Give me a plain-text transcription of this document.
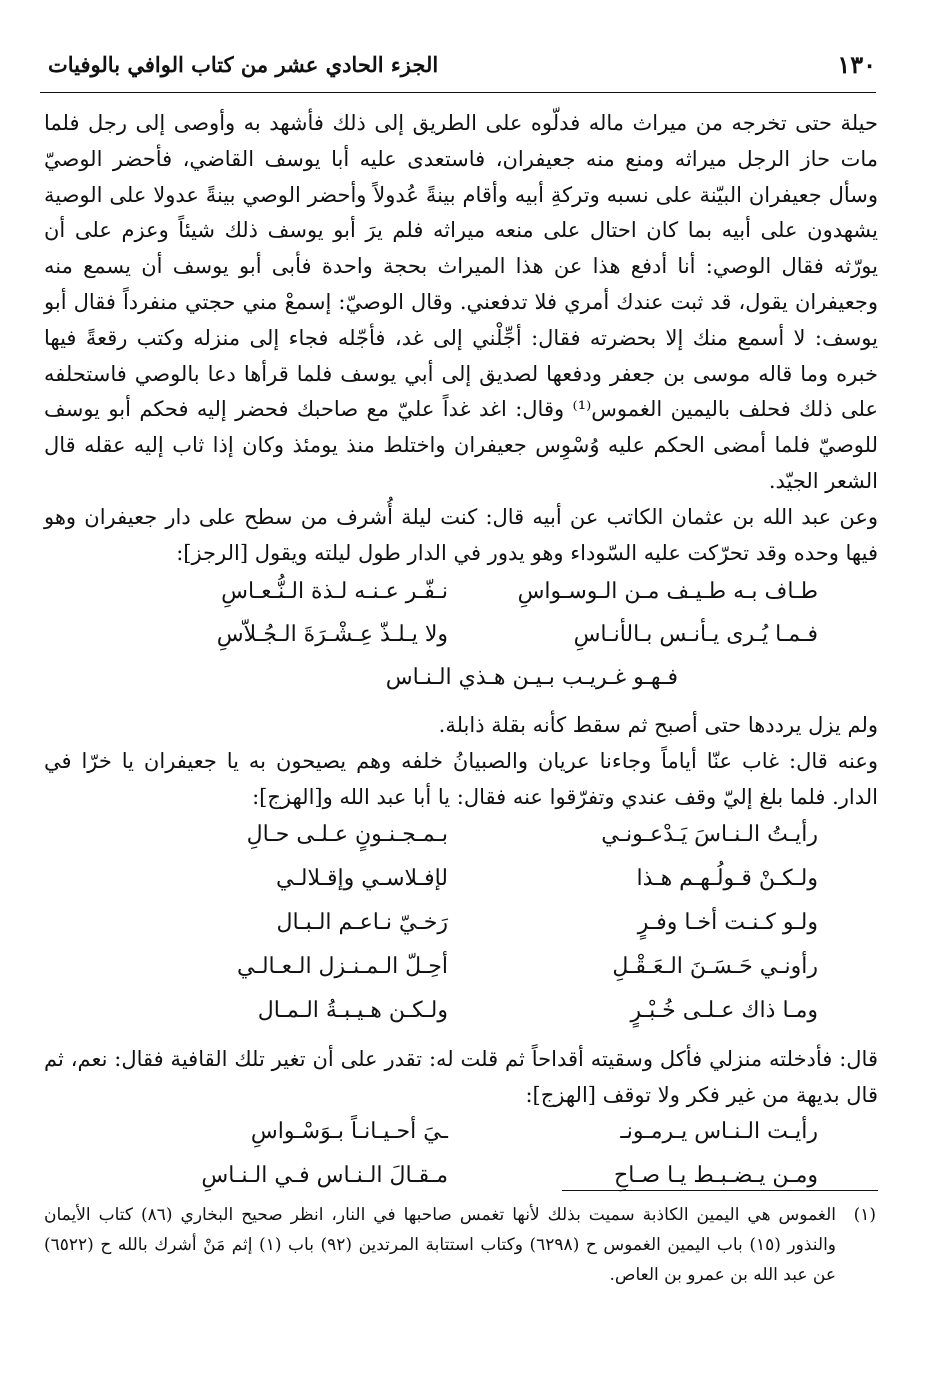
١٣٠
الجزء الحادي عشر من كتاب الوافي بالوفيات

حيلة حتى تخرجه من ميراث ماله فدلّوه على الطريق إلى ذلك فأشهد به وأوصى إلى رجل فلما مات حاز الرجل ميراثه ومنع منه جعيفران، فاستعدى عليه أبا يوسف القاضي، فأحضر الوصيّ وسأل جعيفران البيّنة على نسبه وتركةِ أبيه وأقام بينةً عُدولاً وأحضر الوصي بينةً عدولا على الوصية يشهدون على أبيه بما كان احتال على منعه ميراثه فلم يرَ أبو يوسف ذلك شيئاً وعزم على أن يورّثه فقال الوصي: أنا أدفع هذا عن هذا الميراث بحجة واحدة فأبى أبو يوسف أن يسمع منه وجعيفران يقول، قد ثبت عندك أمري فلا تدفعني. وقال الوصيّ: إسمعْ مني حجتي منفرداً فقال أبو يوسف: لا أسمع منك إلا بحضرته فقال: أجِّلْني إلى غد، فأجّله فجاء إلى منزله وكتب رقعةً فيها خبره وما قاله موسى بن جعفر ودفعها لصديق إلى أبي يوسف فلما قرأها دعا بالوصي فاستحلفه على ذلك فحلف باليمين الغموس⁽¹⁾ وقال: اغد غداً عليّ مع صاحبك فحضر إليه فحكم أبو يوسف للوصيّ فلما أمضى الحكم عليه وُسْوِس جعيفران واختلط منذ يومئذ وكان إذا ثاب إليه عقله قال الشعر الجيّد.

وعن عبد الله بن عثمان الكاتب عن أبيه قال: كنت ليلة أُشرف من سطح على دار جعيفران وهو فيها وحده وقد تحرّكت عليه السّوداء وهو يدور في الدار طول ليلته ويقول [الرجز]:

طـاف بـه طـيـف مـن الـوسـواسِ
نـفّـر عـنـه لـذة الـنُّـعـاسِ
فـمـا يُـرى يـأنـس بـالأنـاسِ
ولا يـلـذّ عِـشْـرَةَ الـجُـلاّسِ
فـهـو غـريـب بـيـن هـذي الـنـاس

ولم يزل يرددها حتى أصبح ثم سقط كأنه بقلة ذابلة.

وعنه قال: غاب عنّا أياماً وجاءنا عريان والصبيانُ خلفه وهم يصيحون به يا جعيفران يا خرّا في الدار. فلما بلغ إليّ وقف عندي وتفرّقوا عنه فقال: يا أبا عبد الله و[الهزج]:

رأيـتُ الـنـاسَ يَـدْعـونـي
بـمـجـنـونٍ عـلـى حـالِ
ولـكـنْ قـولُـهـم هـذا
لإفـلاسـي وإقـلالـي
ولـو كـنـت أخـا وفـرٍ
رَخـيّ نـاعـم الـبـال
رأونـي حَـسَـنَ الـعَـقْـلِ
أحِـلّ الـمـنـزل الـعـالـي
ومـا ذاك عـلـى خُـبْـرٍ
ولـكـن هـيـبـةُ الـمـال

قال: فأدخلته منزلي فأكل وسقيته أقداحاً ثم قلت له: تقدر على أن تغير تلك القافية فقال: نعم، ثم قال بديهة من غير فكر ولا توقف [الهزج]:

رأيـت الـنـاس يـرمـونـ
ـيَ أحـيـانـاً بـوَسْـواسِ
ومـن يـضـبـط يـا صـاحِ
مـقـالَ الـنـاس فـي الـنـاسِ
(١)
الغموس هي اليمين الكاذبة سميت بذلك لأنها تغمس صاحبها في النار، انظر صحيح البخاري (٨٦) كتاب الأيمان والنذور (١٥) باب اليمين الغموس ح (٦٢٩٨) وكتاب استتابة المرتدين (٩٢) باب (١) إثم مَنْ أشرك بالله ح (٦٥٢٢) عن عبد الله بن عمرو بن العاص.
